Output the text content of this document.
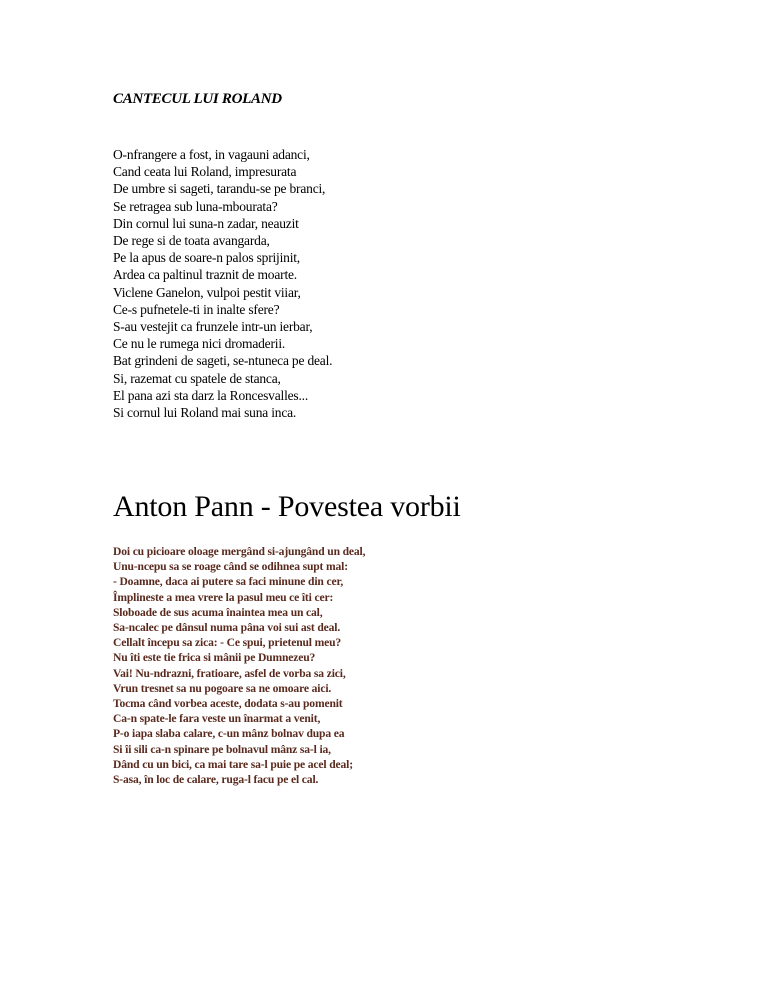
CANTECUL LUI ROLAND
O-nfrangere a fost, in vagauni adanci,
Cand ceata lui Roland, impresurata
De umbre si sageti, tarandu-se pe branci,
Se retragea sub luna-mbourata?
Din cornul lui suna-n zadar, neauzit
De rege si de toata avangarda,
Pe la apus de soare-n palos sprijinit,
Ardea ca paltinul traznit de moarte.
Viclene Ganelon, vulpoi pestit viiar,
Ce-s pufnetele-ti in inalte sfere?
S-au vestejit ca frunzele intr-un ierbar,
Ce nu le rumega nici dromaderii.
Bat grindeni de sageti, se-ntuneca pe deal.
Si, razemat cu spatele de stanca,
El pana azi sta darz la Roncesvalles...
Si cornul lui Roland mai suna inca.
Anton Pann - Povestea vorbii
Doi cu picioare oloage mergând si-ajungând un deal,
Unu-ncepu sa se roage când se odihnea supt mal:
- Doamne, daca ai putere sa faci minune din cer,
Împlineste a mea vrere la pasul meu ce îti cer:
Sloboade de sus acuma înaintea mea un cal,
Sa-ncalec pe dânsul numa pâna voi sui ast deal.
Cellalt începu sa zica: - Ce spui, prietenul meu?
Nu îti este tie frica si mânii pe Dumnezeu?
Vai! Nu-ndrazni, fratioare, asfel de vorba sa zici,
Vrun tresnet sa nu pogoare sa ne omoare aici.
Tocma când vorbea aceste, dodata s-au pomenit
Ca-n spate-le fara veste un înarmat a venit,
P-o iapa slaba calare, c-un mânz bolnav dupa ea
Si îi sili ca-n spinare pe bolnavul mânz sa-l ia,
Dând cu un bici, ca mai tare sa-l puie pe acel deal;
S-asa, în loc de calare, ruga-l facu pe el cal.
